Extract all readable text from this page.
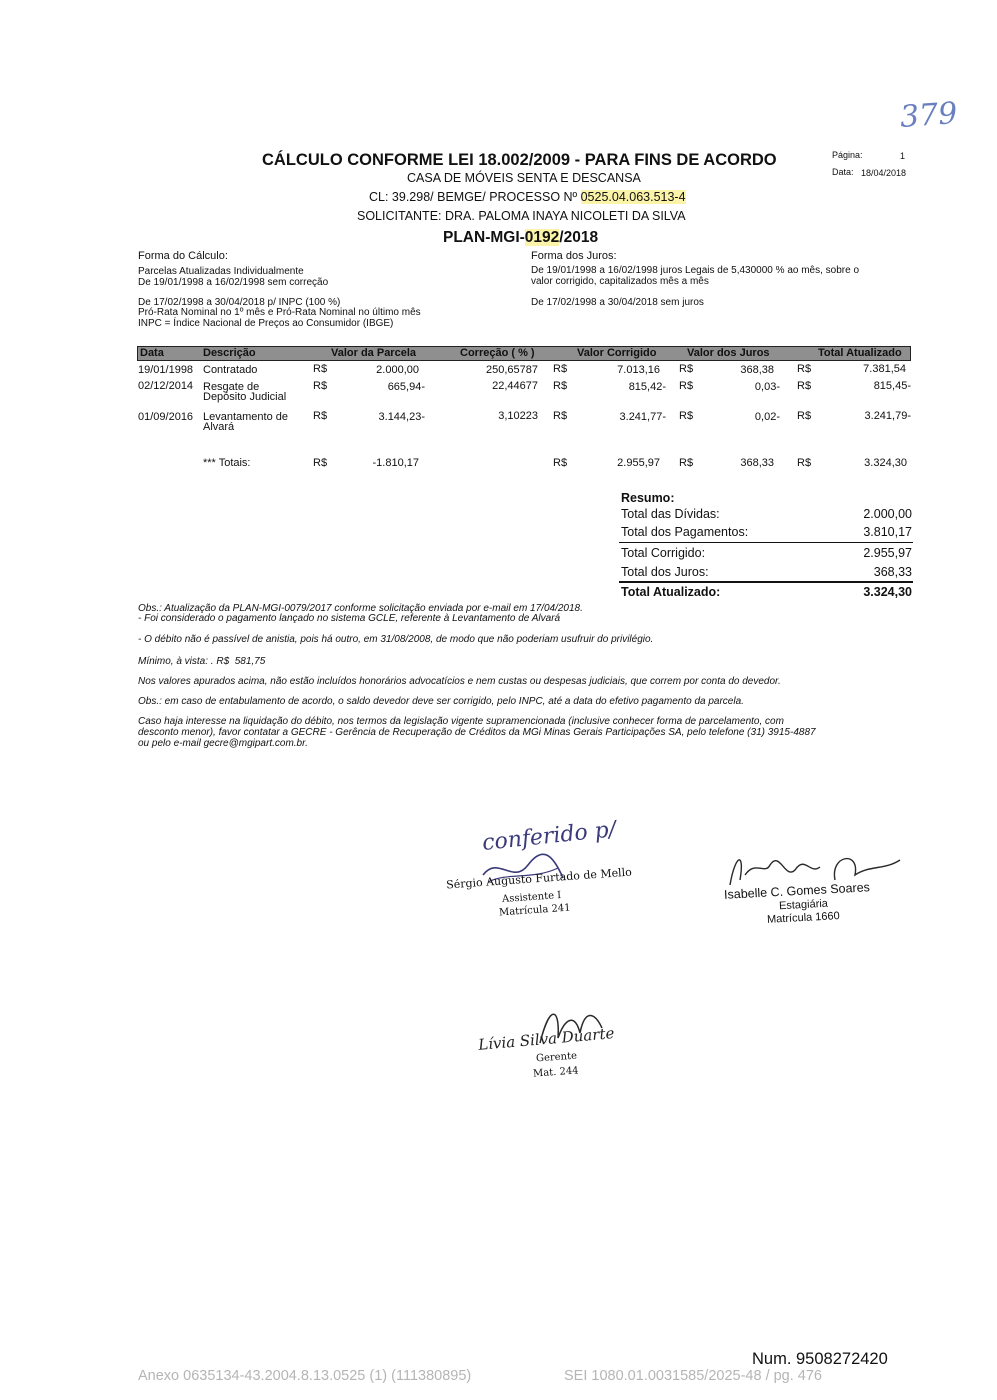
379
CÁLCULO CONFORME LEI 18.002/2009 - PARA FINS DE ACORDO	Página:	1
Data: 18/04/2018
CASA DE MÓVEIS SENTA E DESCANSA
CL: 39.298/ BEMGE/ PROCESSO Nº 0525.04.063.513-4
SOLICITANTE: DRA. PALOMA INAYA NICOLETI DA SILVA
PLAN-MGI-0192/2018
Forma do Cálculo:
Parcelas Atualizadas Individualmente
De 19/01/1998 a 16/02/1998 sem correção
De 17/02/1998 a 30/04/2018 p/ INPC (100 %)
Pró-Rata Nominal no 1º mês e Pró-Rata Nominal no último mês
INPC = Índice Nacional de Preços ao Consumidor (IBGE)
Forma dos Juros:
De 19/01/1998 a 16/02/1998 juros Legais de 5,430000 % ao mês, sobre o
valor corrigido, capitalizados mês a mês
De 17/02/1998 a 30/04/2018 sem juros
Data	Descrição	Valor da Parcela	Correção ( % )	Valor Corrigido	Valor dos Juros	Total Atualizado
19/01/1998 Contratado	R$	2.000,00	250,65787 R$	7.013,16 R$	368,38 R$	7.381,54
02/12/2014 Resgate de
Depósito Judicial
R$	665,94-	22,44677 R$	815,42- R$	0,03- R$	815,45-
01/09/2016 Levantamento de
Alvará
R$	3.144,23-	3,10223 R$	3.241,77- R$	0,02- R$	3.241,79-
*** Totais:	R$	-1.810,17	R$	2.955,97 R$	368,33 R$	3.324,30
Resumo:
Total das Dívidas:	2.000,00
Total dos Pagamentos:	3.810,17
Total Corrigido:	2.955,97
Total dos Juros:	368,33
Total Atualizado:	3.324,30
Obs.: Atualização da PLAN-MGI-0079/2017 conforme solicitação enviada por e-mail em 17/04/2018.
- Foi considerado o pagamento lançado no sistema GCLE, referente à Levantamento de Alvará
- O débito não é passível de anistia, pois há outro, em 31/08/2008, de modo que não poderiam usufruir do privilégio.
Mínimo, à vista: . R$  581,75
Nos valores apurados acima, não estão incluídos honorários advocatícios e nem custas ou despesas judiciais, que correm por conta do devedor.
Obs.: em caso de entabulamento de acordo, o saldo devedor deve ser corrigido, pelo INPC, até a data do efetivo pagamento da parcela.
Caso haja interesse na liquidação do débito, nos termos da legislação vigente supramencionada (inclusive conhecer forma de parcelamento, com
desconto menor), favor contatar a GECRE - Gerência de Recuperação de Créditos da MGi Minas Gerais Participações SA, pelo telefone (31) 3915-4887
ou pelo e-mail gecre@mgipart.com.br.
conferido p/
Sérgio Augusto Furtado de Mello
Assistente I
Matrícula 241
Isabelle C. Gomes Soares
Estagiária
Matrícula 1660
Lívia Silva Duarte
Gerente
Mat. 244
Num. 9508272420
Anexo 0635134-43.2004.8.13.0525 (1) (111380895)	SEI 1080.01.0031585/2025-48 / pg. 476
